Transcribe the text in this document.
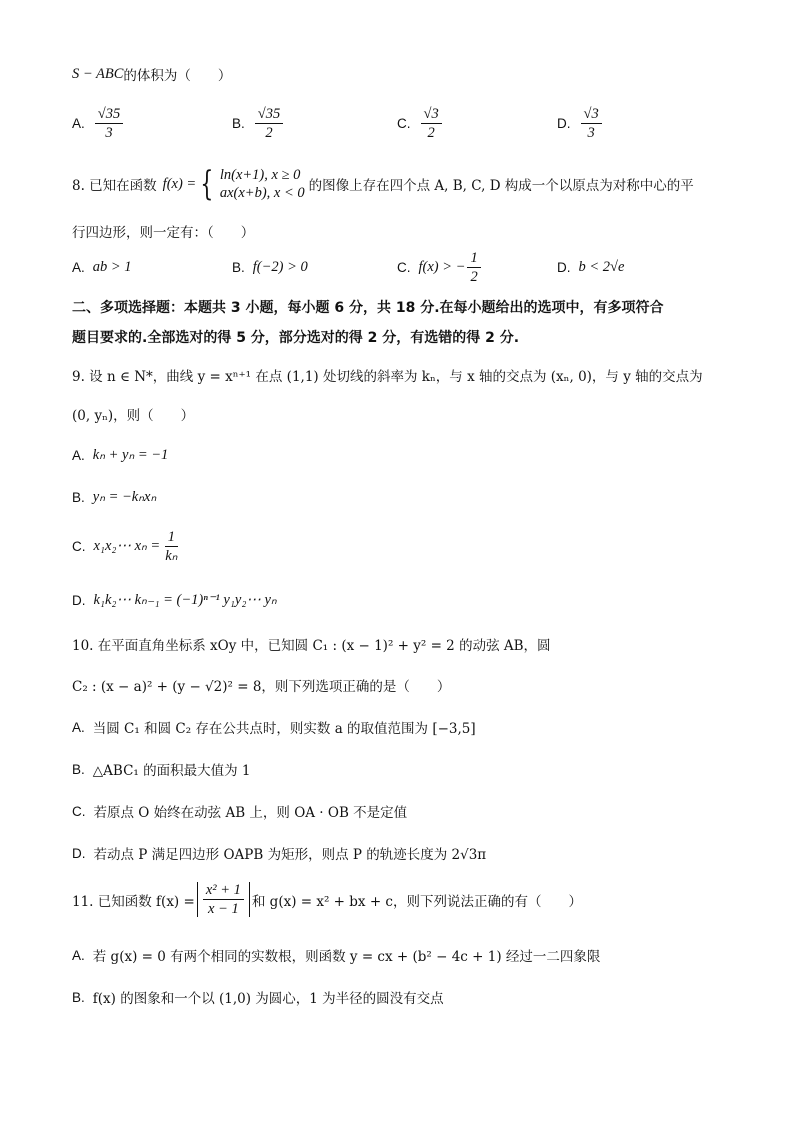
S − ABC 的体积为（　　）
A. $\frac{√35}{3}$	B. $\frac{√35}{2}$	C. $\frac{√3}{2}$	D. $\frac{√3}{3}$
8. 已知在函数 f(x) = { ln(x+1), x ≥ 0
ax(x+b), x < 0 的图像上存在四个点 A, B, C, D 构成一个以原点为对称中心的平
行四边形，则一定有：（　　）
A. ab > 1	B. f(−2) > 0	C. f(x) > − $\frac{1}{2}$	D. b < 2√e
二、多项选择题：本题共 3 小题，每小题 6 分，共 18 分.在每小题给出的选项中，有多项符合
题目要求的.全部选对的得 5 分，部分选对的得 2 分，有选错的得 2 分.
9. 设 n ∈ N*，曲线 y = xⁿ⁺¹ 在点 (1,1) 处切线的斜率为 kₙ，与 x 轴的交点为 (xₙ, 0)，与 y 轴的交点为
(0, yₙ)，则（　　）
A. kₙ + yₙ = −1
B. yₙ = −kₙxₙ
C. x₁x₂⋯ $x_n = \frac{1}{\text{kₙ}}$
D. k₁k₂⋯ kₙ₋₁ = (−1)ⁿ⁻¹ y₁y₂⋯ yₙ
10. 在平面直角坐标系 xOy 中，已知圆 C₁ : (x − 1)² + y² = 2 的动弦 AB，圆
C₂ : (x − a)² + (y − √2)² = 8，则下列选项正确的是（　　）
A. 当圆 C₁ 和圆 C₂ 存在公共点时，则实数 a 的取值范围为 [−3,5]
B. △ABC₁ 的面积最大值为 1
C. 若原点 O 始终在动弦 AB 上，则 OA · OB 不是定值
D. 若动点 P 满足四边形 OAPB 为矩形，则点 P 的轨迹长度为 2√3π
11. 已知函数 $f(x) = \frac{\text{x² + 1}}{x - 1}$ 和 g(x) = x² + bx + c，则下列说法正确的有（　　）
A. 若 g(x) = 0 有两个相同的实数根，则函数 y = cx + (b² − 4c + 1) 经过一二四象限
B. f(x) 的图象和一个以 (1,0) 为圆心，1 为半径的圆没有交点
